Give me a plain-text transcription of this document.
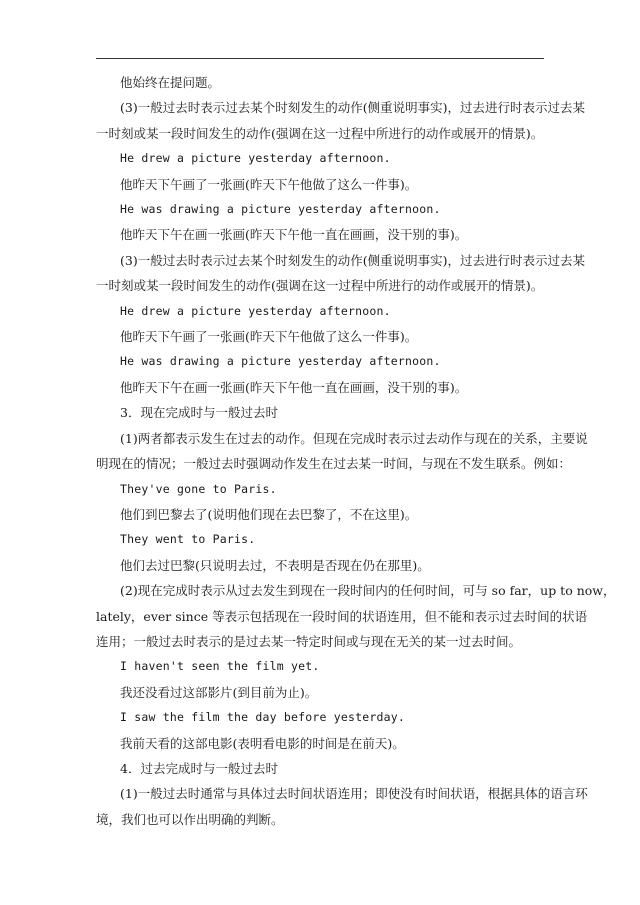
他始终在提问题。
(3)一般过去时表示过去某个时刻发生的动作(侧重说明事实)，过去进行时表示过去某
一时刻或某一段时间发生的动作(强调在这一过程中所进行的动作或展开的情景)。
He drew a picture yesterday afternoon.
他昨天下午画了一张画(昨天下午他做了这么一件事)。
He was drawing a picture yesterday afternoon.
他昨天下午在画一张画(昨天下午他一直在画画，没干别的事)。
(3)一般过去时表示过去某个时刻发生的动作(侧重说明事实)，过去进行时表示过去某
一时刻或某一段时间发生的动作(强调在这一过程中所进行的动作或展开的情景)。
He drew a picture yesterday afternoon.
他昨天下午画了一张画(昨天下午他做了这么一件事)。
He was drawing a picture yesterday afternoon.
他昨天下午在画一张画(昨天下午他一直在画画，没干别的事)。
3．现在完成时与一般过去时
(1)两者都表示发生在过去的动作。但现在完成时表示过去动作与现在的关系，主要说
明现在的情况；一般过去时强调动作发生在过去某一时间，与现在不发生联系。例如：
They've gone to Paris.
他们到巴黎去了(说明他们现在去巴黎了，不在这里)。
They went to Paris.
他们去过巴黎(只说明去过，不表明是否现在仍在那里)。
(2)现在完成时表示从过去发生到现在一段时间内的任何时间，可与 so far，up to now，
lately，ever since 等表示包括现在一段时间的状语连用，但不能和表示过去时间的状语
连用；一般过去时表示的是过去某一特定时间或与现在无关的某一过去时间。
I haven't seen the film yet.
我还没看过这部影片(到目前为止)。
I saw the film the day before yesterday.
我前天看的这部电影(表明看电影的时间是在前天)。
4．过去完成时与一般过去时
(1)一般过去时通常与具体过去时间状语连用；即使没有时间状语，根据具体的语言环
境，我们也可以作出明确的判断。
